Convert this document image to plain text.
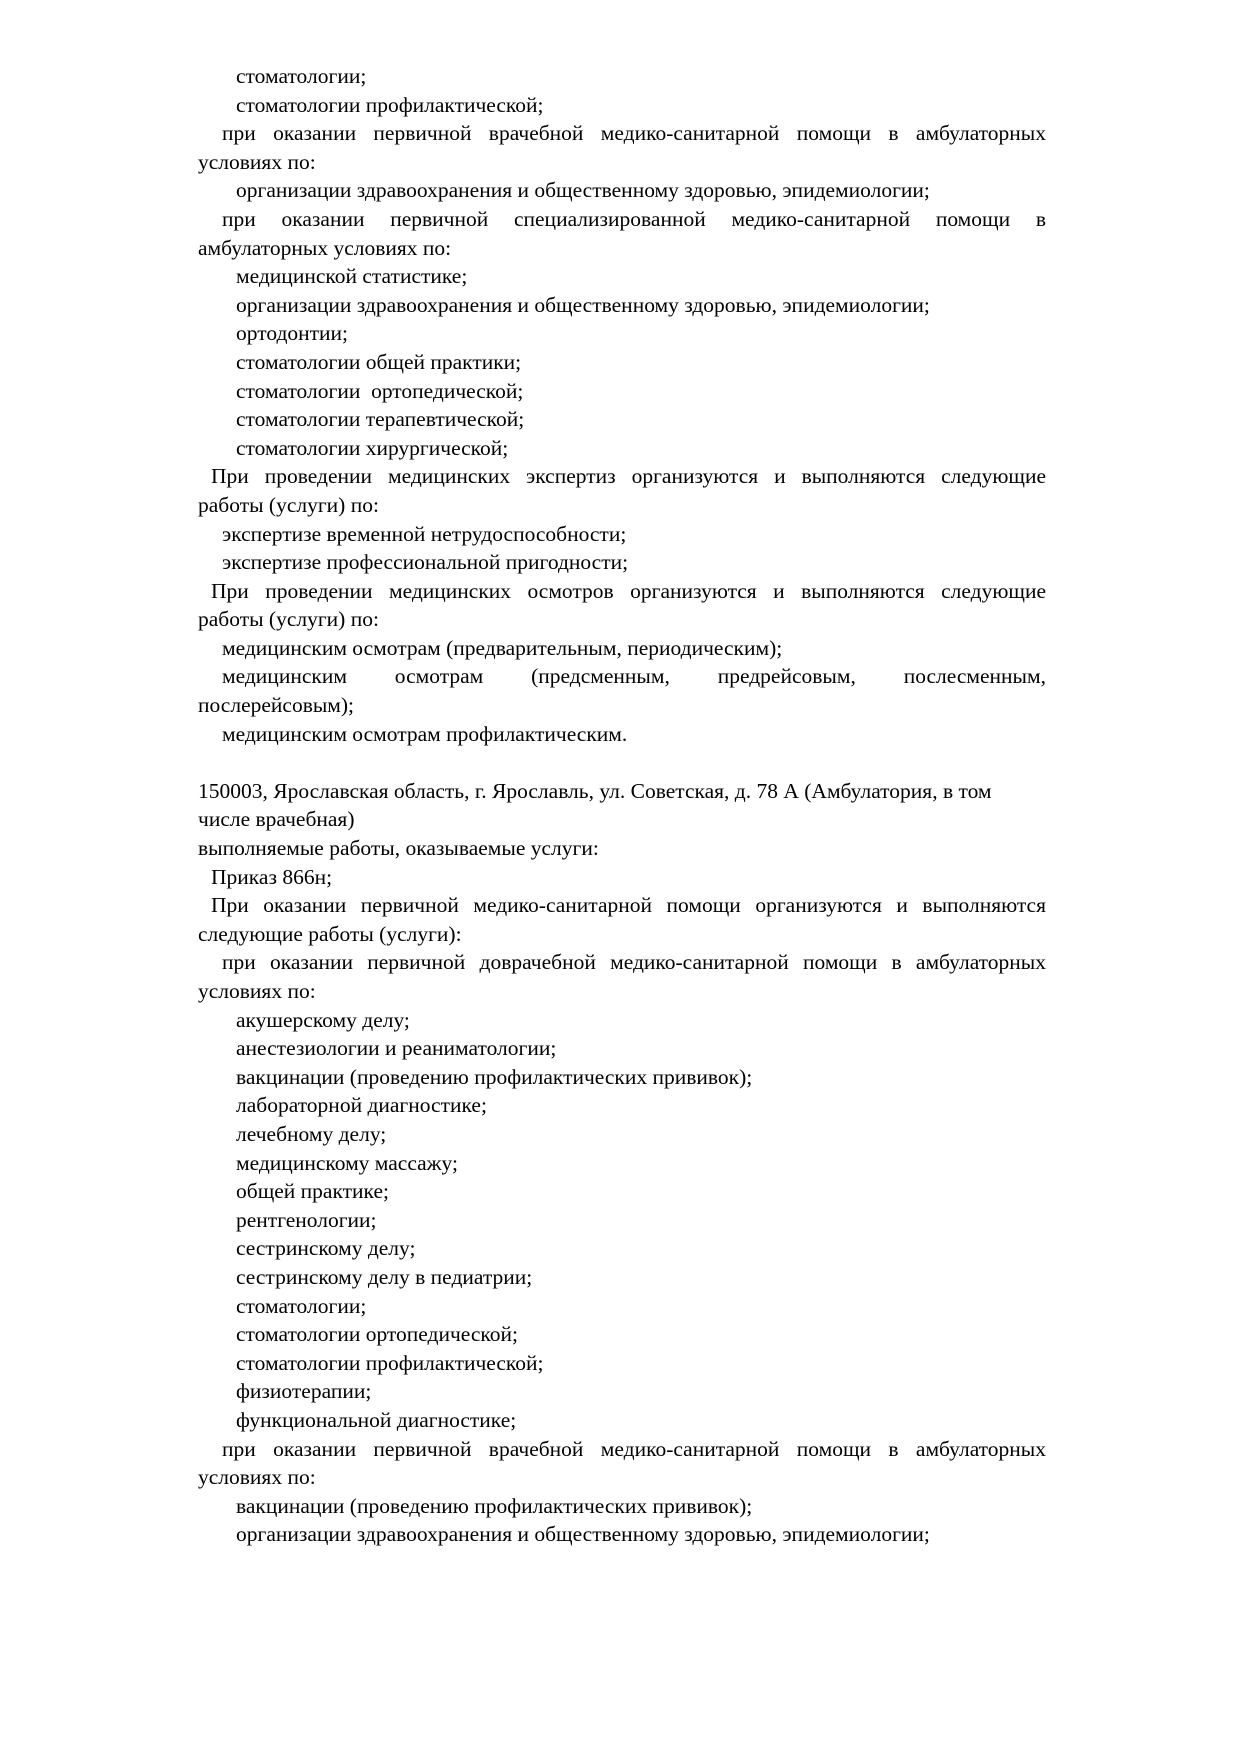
стоматологии;
стоматологии профилактической;
при оказании первичной врачебной медико-санитарной помощи в амбулаторных
условиях по:
организации здравоохранения и общественному здоровью, эпидемиологии;
при оказании первичной специализированной медико-санитарной помощи в
амбулаторных условиях по:
медицинской статистике;
организации здравоохранения и общественному здоровью, эпидемиологии;
ортодонтии;
стоматологии общей практики;
стоматологии  ортопедической;
стоматологии терапевтической;
стоматологии хирургической;
При проведении медицинских экспертиз организуются и выполняются следующие
работы (услуги) по:
экспертизе временной нетрудоспособности;
экспертизе профессиональной пригодности;
При проведении медицинских осмотров организуются и выполняются следующие
работы (услуги) по:
медицинским осмотрам (предварительным, периодическим);
медицинским осмотрам (предсменным, предрейсовым, послесменным,
послерейсовым);
медицинским осмотрам профилактическим.

150003, Ярославская область, г. Ярославль, ул. Советская, д. 78 А (Амбулатория, в том
числе врачебная)
выполняемые работы, оказываемые услуги:
Приказ 866н;
При оказании первичной медико-санитарной помощи организуются и выполняются
следующие работы (услуги):
при оказании первичной доврачебной медико-санитарной помощи в амбулаторных
условиях по:
акушерскому делу;
анестезиологии и реаниматологии;
вакцинации (проведению профилактических прививок);
лабораторной диагностике;
лечебному делу;
медицинскому массажу;
общей практике;
рентгенологии;
сестринскому делу;
сестринскому делу в педиатрии;
стоматологии;
стоматологии ортопедической;
стоматологии профилактической;
физиотерапии;
функциональной диагностике;
при оказании первичной врачебной медико-санитарной помощи в амбулаторных
условиях по:
вакцинации (проведению профилактических прививок);
организации здравоохранения и общественному здоровью, эпидемиологии;
